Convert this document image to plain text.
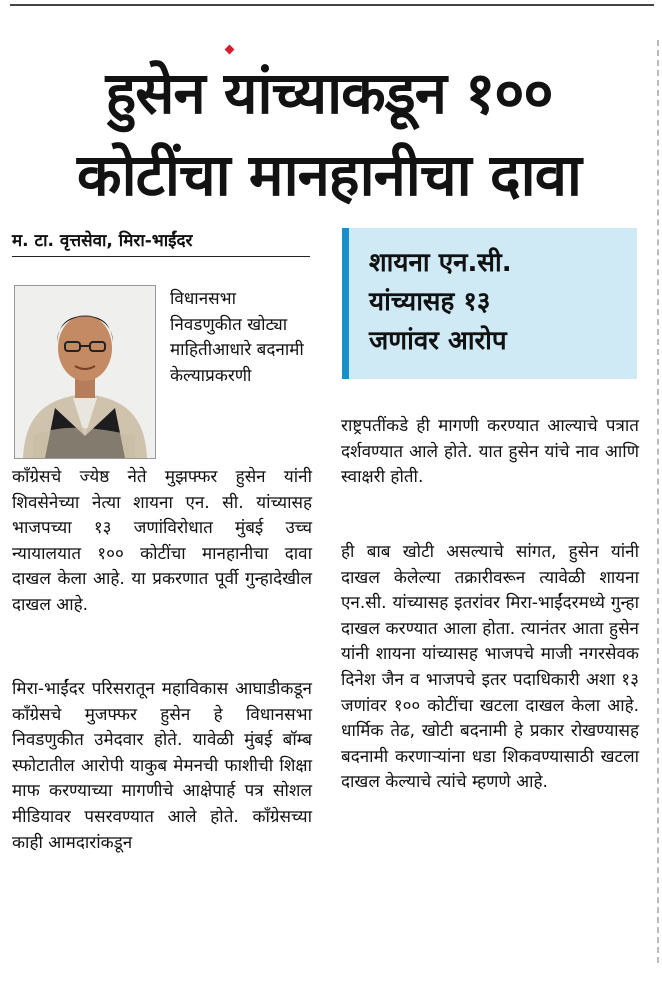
हुसेन यांच्याकडून १००
कोटींचा मानहानीचा दावा
म. टा. वृत्तसेवा, मिरा-भाईंदर

विधानसभा निवडणुकीत खोट्या माहितीआधारे बदनामी केल्याप्रकरणी

काँग्रेसचे ज्येष्ठ नेते मुझफ्फर हुसेन यांनी शिवसेनेच्या नेत्या शायना एन. सी. यांच्यासह भाजपच्या १३ जणांविरोधात मुंबई उच्च न्यायालयात १०० कोटींचा मानहानीचा दावा दाखल केला आहे. या प्रकरणात पूर्वी गुन्हादेखील दाखल आहे.

मिरा-भाईंदर परिसरातून महाविकास आघाडीकडून काँग्रेसचे मुजफ्फर हुसेन हे विधानसभा निवडणुकीत उमेदवार होते. यावेळी मुंबई बॉम्ब स्फोटातील आरोपी याकुब मेमनची फाशीची शिक्षा माफ करण्याच्या मागणीचे आक्षेपार्ह पत्र सोशल मीडियावर पसरवण्यात आले होते. काँग्रेसच्या काही आमदारांकडून

शायना एन.सी.
यांच्यासह १३
जणांवर आरोप

राष्ट्रपतींकडे ही मागणी करण्यात आल्याचे पत्रात दर्शवण्यात आले होते. यात हुसेन यांचे नाव आणि स्वाक्षरी होती.

ही बाब खोटी असल्याचे सांगत, हुसेन यांनी दाखल केलेल्या तक्रारीवरून त्यावेळी शायना एन.सी. यांच्यासह इतरांवर मिरा-भाईंदरमध्ये गुन्हा दाखल करण्यात आला होता. त्यानंतर आता हुसेन यांनी शायना यांच्यासह भाजपचे माजी नगरसेवक दिनेश जैन व भाजपचे इतर पदाधिकारी अशा १३ जणांवर १०० कोटींचा खटला दाखल केला आहे. धार्मिक तेढ, खोटी बदनामी हे प्रकार रोखण्यासह बदनामी करणाऱ्यांना धडा शिकवण्यासाठी खटला दाखल केल्याचे त्यांचे म्हणणे आहे.
